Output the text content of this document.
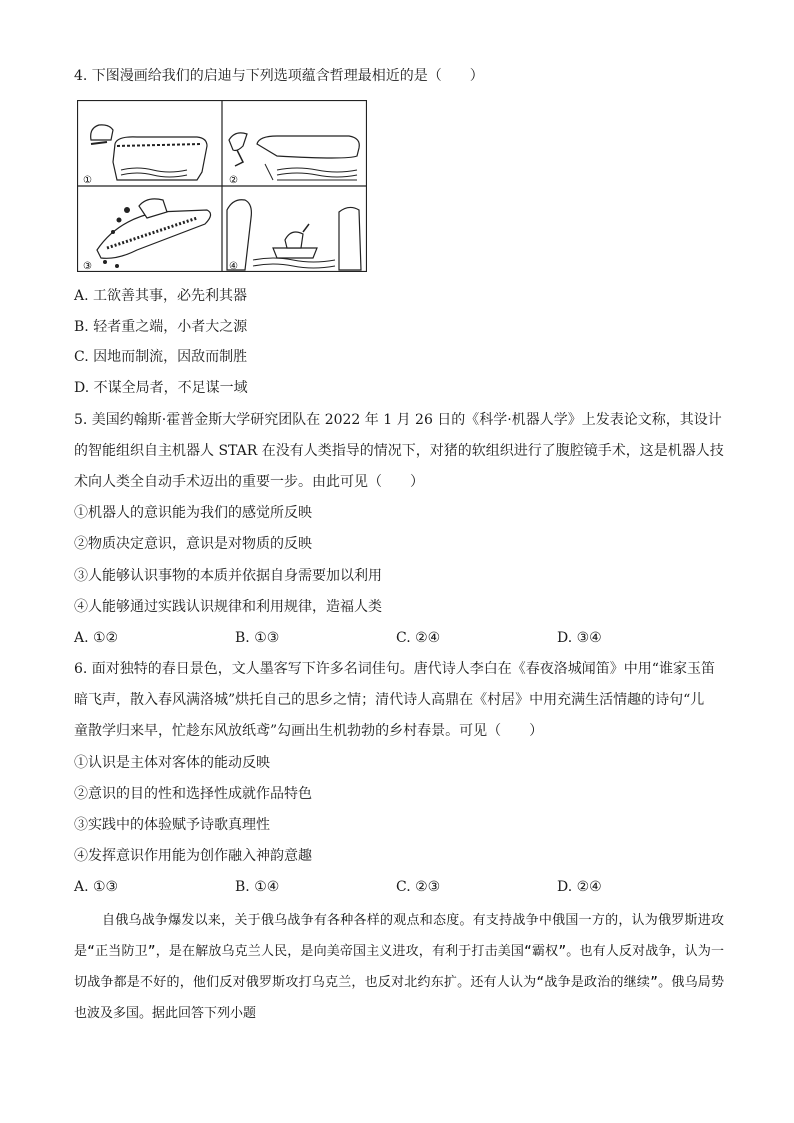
4. 下图漫画给我们的启迪与下列选项蕴含哲理最相近的是（　　）
①	②
③	④
A. 工欲善其事，必先利其器
B. 轻者重之端，小者大之源
C. 因地而制流，因敌而制胜
D. 不谋全局者，不足谋一域
5. 美国约翰斯·霍普金斯大学研究团队在 2022 年 1 月 26 日的《科学·机器人学》上发表论文称，其设计
的智能组织自主机器人 STAR 在没有人类指导的情况下，对猪的软组织进行了腹腔镜手术，这是机器人技
术向人类全自动手术迈出的重要一步。由此可见（　　）
①机器人的意识能为我们的感觉所反映
②物质决定意识，意识是对物质的反映
③人能够认识事物的本质并依据自身需要加以利用
④人能够通过实践认识规律和利用规律，造福人类
A. ①②	B. ①③	C. ②④	D. ③④
6. 面对独特的春日景色，文人墨客写下许多名词佳句。唐代诗人李白在《春夜洛城闻笛》中用“谁家玉笛
暗飞声，散入春风满洛城”烘托自己的思乡之情；清代诗人高鼎在《村居》中用充满生活情趣的诗句“儿
童散学归来早，忙趁东风放纸鸢”勾画出生机勃勃的乡村春景。可见（　　）
①认识是主体对客体的能动反映
②意识的目的性和选择性成就作品特色
③实践中的体验赋予诗歌真理性
④发挥意识作用能为创作融入神韵意趣
A. ①③	B. ①④	C. ②③	D. ②④

自俄乌战争爆发以来，关于俄乌战争有各种各样的观点和态度。有支持战争中俄国一方的，认为俄罗斯进攻是“正当防卫”，是在解放乌克兰人民，是向美帝国主义进攻，有利于打击美国“霸权”。也有人反对战争，认为一切战争都是不好的，他们反对俄罗斯攻打乌克兰，也反对北约东扩。还有人认为“战争是政治的继续”。俄乌局势也波及多国。据此回答下列小题
